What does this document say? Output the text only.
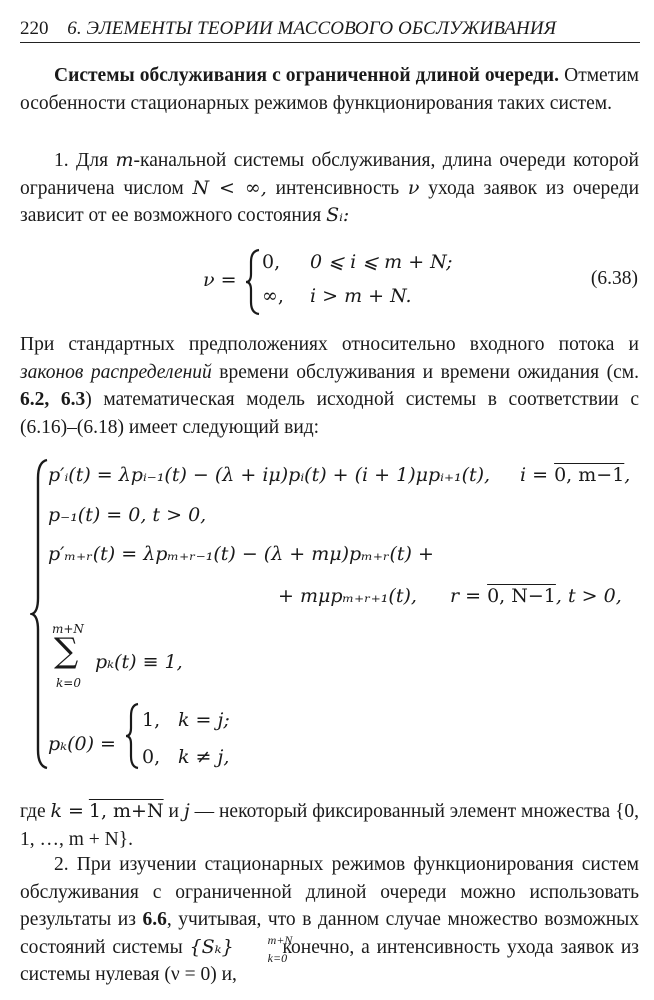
220 6. ЭЛЕМЕНТЫ ТЕОРИИ МАССОВОГО ОБСЛУЖИВАНИЯ
Системы обслуживания с ограниченной длиной очереди. Отметим особенности стационарных режимов функционирования таких систем.
1. Для m-канальной системы обслуживания, длина очереди которой ограничена числом N < ∞, интенсивность ν ухода заявок из очереди зависит от ее возможного состояния Sᵢ:
ν =
0, 0 ⩽ i ⩽ m + N;
∞, i > m + N.
(6.38)
При стандартных предположениях относительно входного потока и законов распределений времени обслуживания и времени ожидания (см. 6.2, 6.3) математическая модель исходной системы в соответствии с (6.16)–(6.18) имеет следующий вид:
p′ᵢ(t) = λpᵢ₋₁(t) − (λ + iμ)pᵢ(t) + (i + 1)μpᵢ₊₁(t), i = 0, m−1,
p₋₁(t) = 0, t > 0,
p′ₘ₊ᵣ(t) = λpₘ₊ᵣ₋₁(t) − (λ + mμ)pₘ₊ᵣ(t) +
+ mμpₘ₊ᵣ₊₁(t), r = 0, N−1, t > 0,
m+N
∑
k=0
pₖ(t) ≡ 1,
pₖ(0) =
1, k = j;
0, k ≠ j,
где k = 1, m+N и j — некоторый фиксированный элемент множества {0, 1, …, m + N}.
2. При изучении стационарных режимов функционирования систем обслуживания с ограниченной длиной очереди можно использовать результаты из 6.6, учитывая, что в данном случае множество возможных состояний системы {Sₖ}	m+N
k=0
конечно, а интенсивность ухода заявок из системы нулевая (ν = 0) и,
